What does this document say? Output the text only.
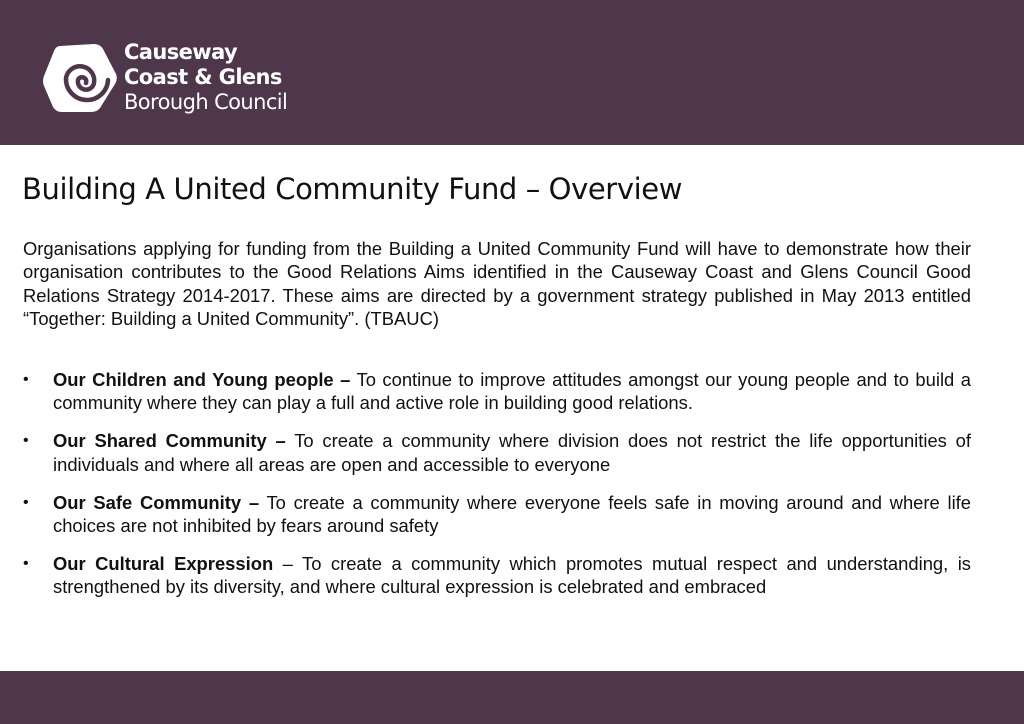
Causeway
Coast & Glens
Borough Council
Building A United Community Fund – Overview

Organisations applying for funding from the Building a United Community Fund will have to demonstrate how their organisation contributes to the Good Relations Aims identified in the Causeway Coast and Glens Council Good Relations Strategy 2014-2017. These aims are directed by a government strategy published in May 2013 entitled “Together: Building a United Community”. (TBAUC)

• Our Children and Young people – To continue to improve attitudes amongst our young people and to build a community where they can play a full and active role in building good relations.
• Our Shared Community – To create a community where division does not restrict the life opportunities of individuals and where all areas are open and accessible to everyone
• Our Safe Community – To create a community where everyone feels safe in moving around and where life choices are not inhibited by fears around safety
• Our Cultural Expression – To create a community which promotes mutual respect and understanding, is strengthened by its diversity, and where cultural expression is celebrated and embraced
